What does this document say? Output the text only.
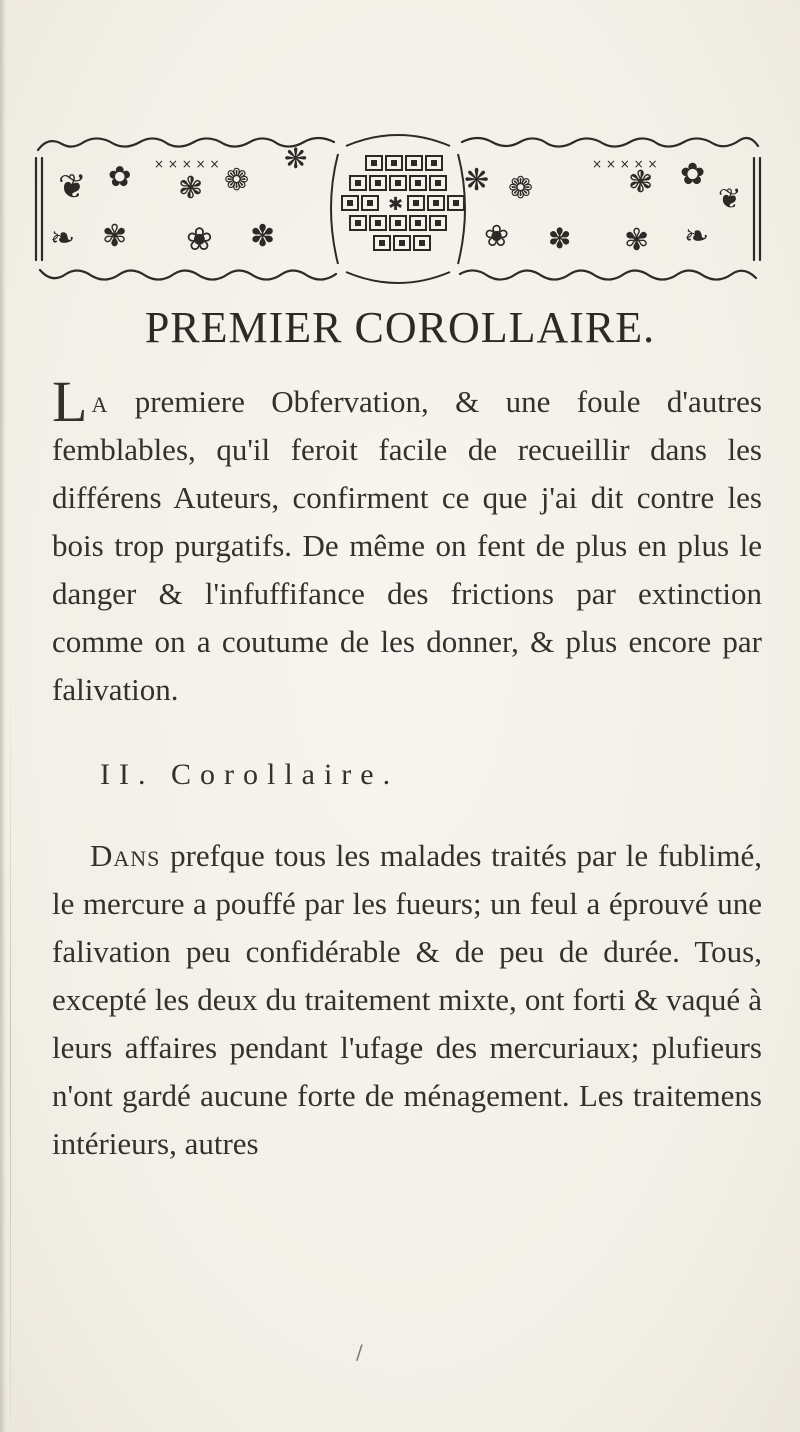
✱
❦ ✿
❧ ✾
× × × × ×
❃ ❁
❀ ✽
❋
❋ ❁
❀ ✽
× × × × ×
❃ ✿
✾ ❧
❦
PREMIER COROLLAIRE.
La premiere Obfervation, & une foule d'autres femblables, qu'il feroit facile de recueillir dans les différens Auteurs, confirment ce que j'ai dit contre les bois trop purgatifs. De même on fent de plus en plus le danger & l'infuffifance des frictions par extinction comme on a coutume de les donner, & plus encore par falivation.
II. Corollaire.
Dans prefque tous les malades traités par le fublimé, le mercure a pouffé par les fueurs; un feul a éprouvé une falivation peu confidérable & de peu de durée. Tous, excepté les deux du traitement mixte, ont forti & vaqué à leurs affaires pendant l'ufage des mercuriaux; plufieurs n'ont gardé aucune forte de ménagement. Les traitemens intérieurs, autres
/
